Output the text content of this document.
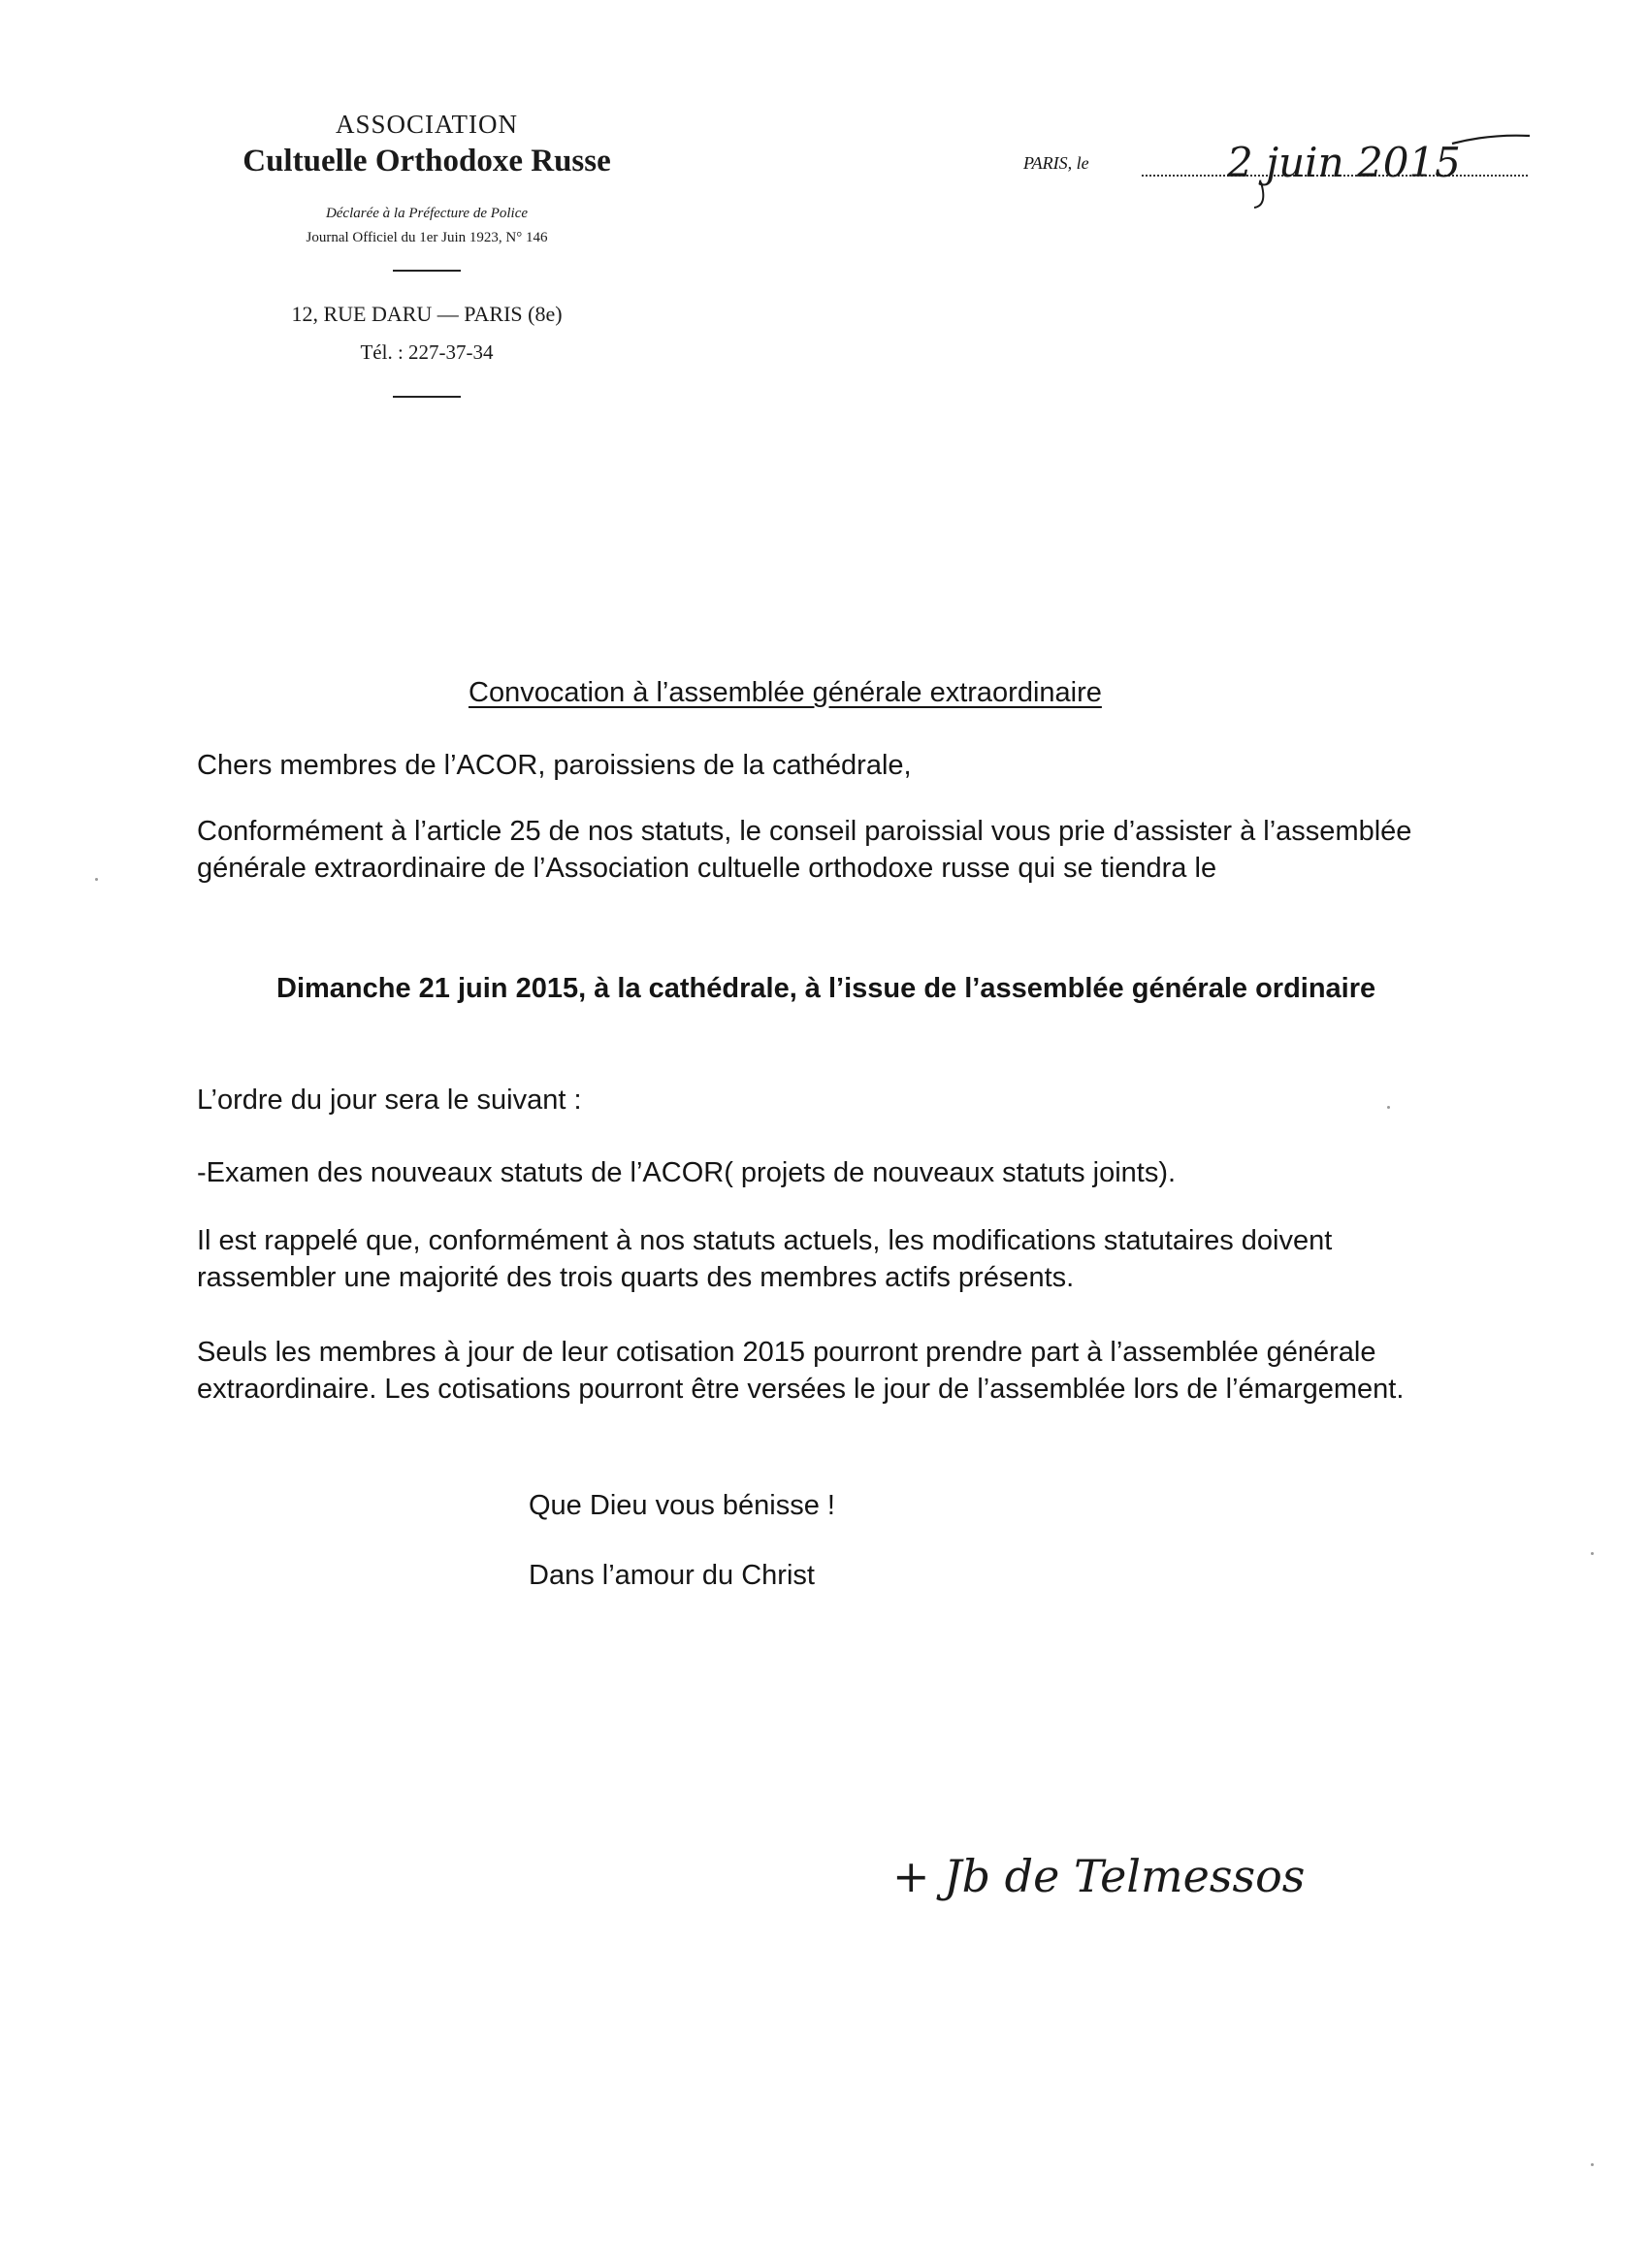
ASSOCIATION
Cultuelle Orthodoxe Russe
Déclarée à la Préfecture de Police
Journal Officiel du 1er Juin 1923, N° 146
12, RUE DARU — PARIS (8e)
Tél. : 227-37-34
PARIS, le	2 juin 2015
Convocation à l’assemblée générale extraordinaire
Chers membres de l’ACOR, paroissiens de la cathédrale,
Conformément à l’article 25 de nos statuts, le conseil paroissial vous prie d’assister à l’assemblée générale extraordinaire de l’Association cultuelle orthodoxe russe qui se tiendra le
Dimanche 21 juin 2015, à la cathédrale, à l’issue de l’assemblée générale ordinaire
L’ordre du jour sera le suivant :
-Examen des nouveaux statuts de l’ACOR( projets de nouveaux statuts joints).
Il est rappelé que, conformément à nos statuts actuels, les modifications statutaires doivent rassembler une majorité des trois quarts des membres actifs présents.
Seuls les membres à jour de leur cotisation 2015 pourront prendre part à l’assemblée générale extraordinaire. Les cotisations pourront être versées le jour de l’assemblée lors de l’émargement.
Que Dieu vous bénisse !
Dans l’amour du Christ
+ Jb de Telmessos
